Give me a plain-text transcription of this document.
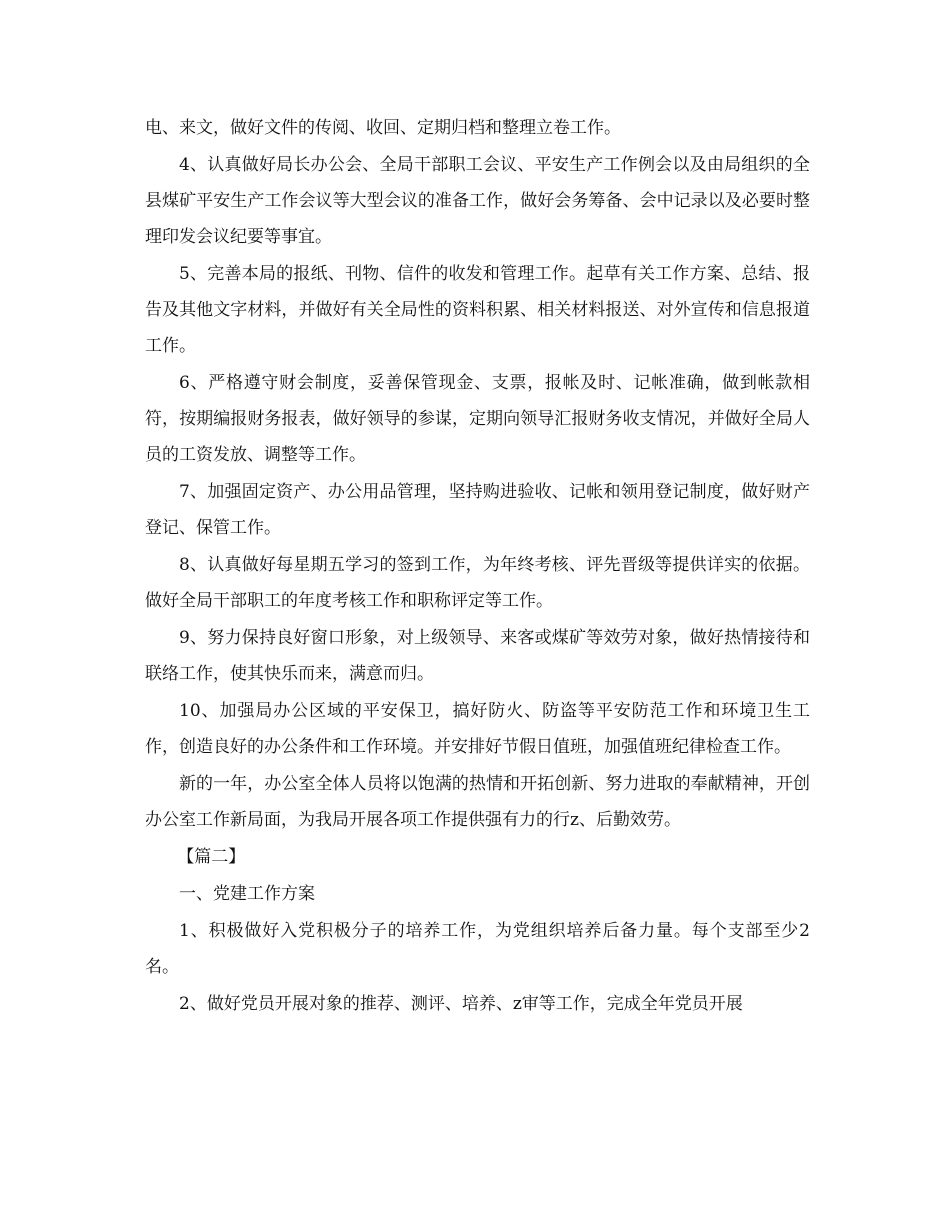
电、来文，做好文件的传阅、收回、定期归档和整理立卷工作。

4、认真做好局长办公会、全局干部职工会议、平安生产工作例会以及由局组织的全县煤矿平安生产工作会议等大型会议的准备工作，做好会务筹备、会中记录以及必要时整理印发会议纪要等事宜。

5、完善本局的报纸、刊物、信件的收发和管理工作。起草有关工作方案、总结、报告及其他文字材料，并做好有关全局性的资料积累、相关材料报送、对外宣传和信息报道工作。

6、严格遵守财会制度，妥善保管现金、支票，报帐及时、记帐准确，做到帐款相符，按期编报财务报表，做好领导的参谋，定期向领导汇报财务收支情况，并做好全局人员的工资发放、调整等工作。

7、加强固定资产、办公用品管理，坚持购进验收、记帐和领用登记制度，做好财产登记、保管工作。

8、认真做好每星期五学习的签到工作，为年终考核、评先晋级等提供详实的依据。做好全局干部职工的年度考核工作和职称评定等工作。

9、努力保持良好窗口形象，对上级领导、来客或煤矿等效劳对象，做好热情接待和联络工作，使其快乐而来，满意而归。

10、加强局办公区域的平安保卫，搞好防火、防盗等平安防范工作和环境卫生工作，创造良好的办公条件和工作环境。并安排好节假日值班，加强值班纪律检查工作。

新的一年，办公室全体人员将以饱满的热情和开拓创新、努力进取的奉献精神，开创办公室工作新局面，为我局开展各项工作提供强有力的行z、后勤效劳。

【篇二】

一、党建工作方案

1、积极做好入党积极分子的培养工作，为党组织培养后备力量。每个支部至少2名。

2、做好党员开展对象的推荐、测评、培养、z审等工作，完成全年党员开展
